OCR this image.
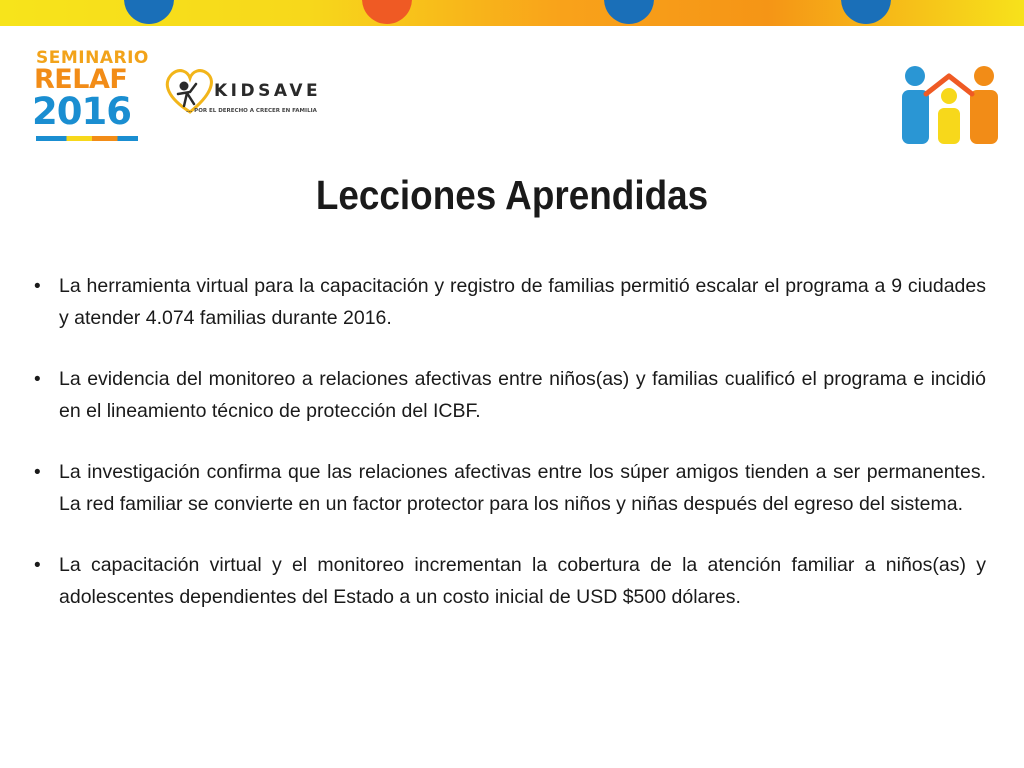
SEMINARIO
RELAF
2016	KIDSAVE
... POR EL DERECHO A CRECER EN FAMILIA
Lecciones Aprendidas
• La herramienta virtual para la capacitación y registro de familias permitió escalar el programa a 9 ciudades y atender 4.074 familias durante 2016.
• La evidencia del monitoreo a relaciones afectivas entre niños(as) y familias cualificó el programa e incidió en el lineamiento técnico de protección del ICBF.
• La investigación confirma que las relaciones afectivas entre los súper amigos tienden a ser permanentes. La red familiar se convierte en un factor protector para los niños y niñas después del egreso del sistema.
• La capacitación virtual y el monitoreo incrementan la cobertura de la atención familiar a niños(as) y adolescentes dependientes del Estado a un costo inicial de USD $500 dólares.
